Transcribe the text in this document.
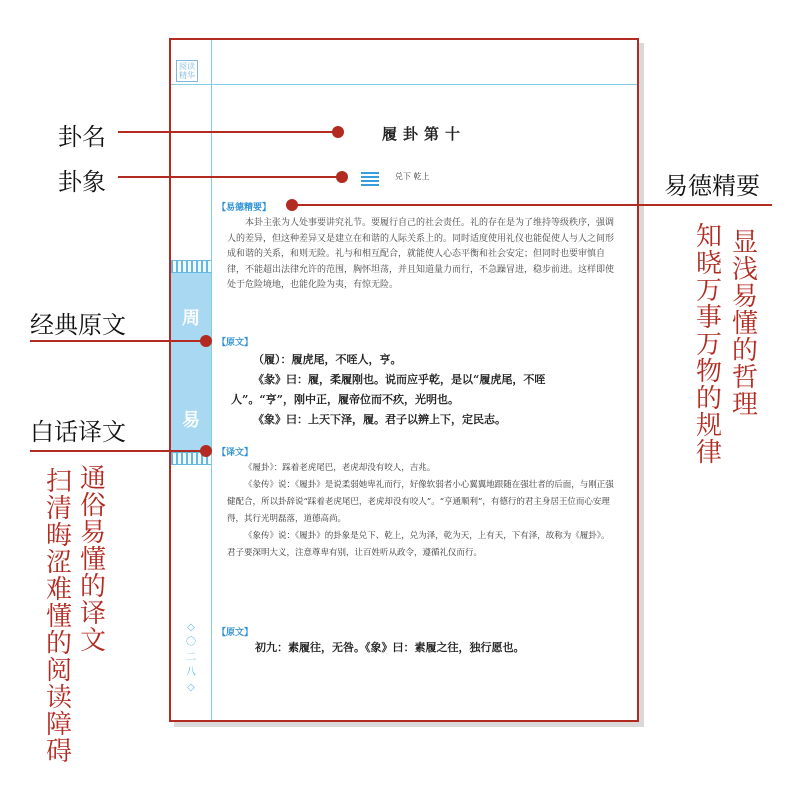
阅读精华
周
易
◇
〇
二
八
◇
履卦第十
兑下 乾上
【易德精要】

本卦主张为人处事要讲究礼节。要履行自己的社会责任。礼的存在是为了维持等级秩序，强调人的差异，但这种差异又是建立在和谐的人际关系上的。同时适度使用礼仪也能促使人与人之间形成和谐的关系，和则无险。礼与和相互配合，就能使人心态平衡和社会安定；但同时也要审慎自律，不能超出法律允许的范围，胸怀坦荡，并且知道量力而行，不急躁冒进，稳步前进。这样即使处于危险境地，也能化险为夷，有惊无险。

【原文】

（履）：履虎尾，不咥人，亨。

《彖》曰：履，柔履刚也。说而应乎乾，是以“履虎尾，不咥人”。“亨”，刚中正，履帝位而不疚，光明也。

《象》曰：上天下泽，履。君子以辨上下，定民志。

【译文】

《履卦》：踩着老虎尾巴，老虎却没有咬人，吉兆。

《彖传》说：《履卦》是说柔弱她卑礼而行，好像软弱者小心翼翼地跟随在强壮者的后面，与刚正强健配合，所以卦辞说“踩着老虎尾巴，老虎却没有咬人”。“亨通顺利”，有德行的君主身居王位而心安理得，其行光明磊落，道德高尚。

《象传》说：《履卦》的卦象是兑下、乾上，兑为泽，乾为天，上有天，下有泽，故称为《履卦》。君子要深明大义，注意尊卑有别，让百姓听从政令，遵循礼仪而行。

【原文】

初九：素履往，无咎。《象》曰：素履之往，独行愿也。

卦名
卦象	易德精要
经典原文
白话译文
显浅易懂的哲理
知晓万事万物的规律
通俗易懂的译文
扫清晦涩难懂的阅读障碍
